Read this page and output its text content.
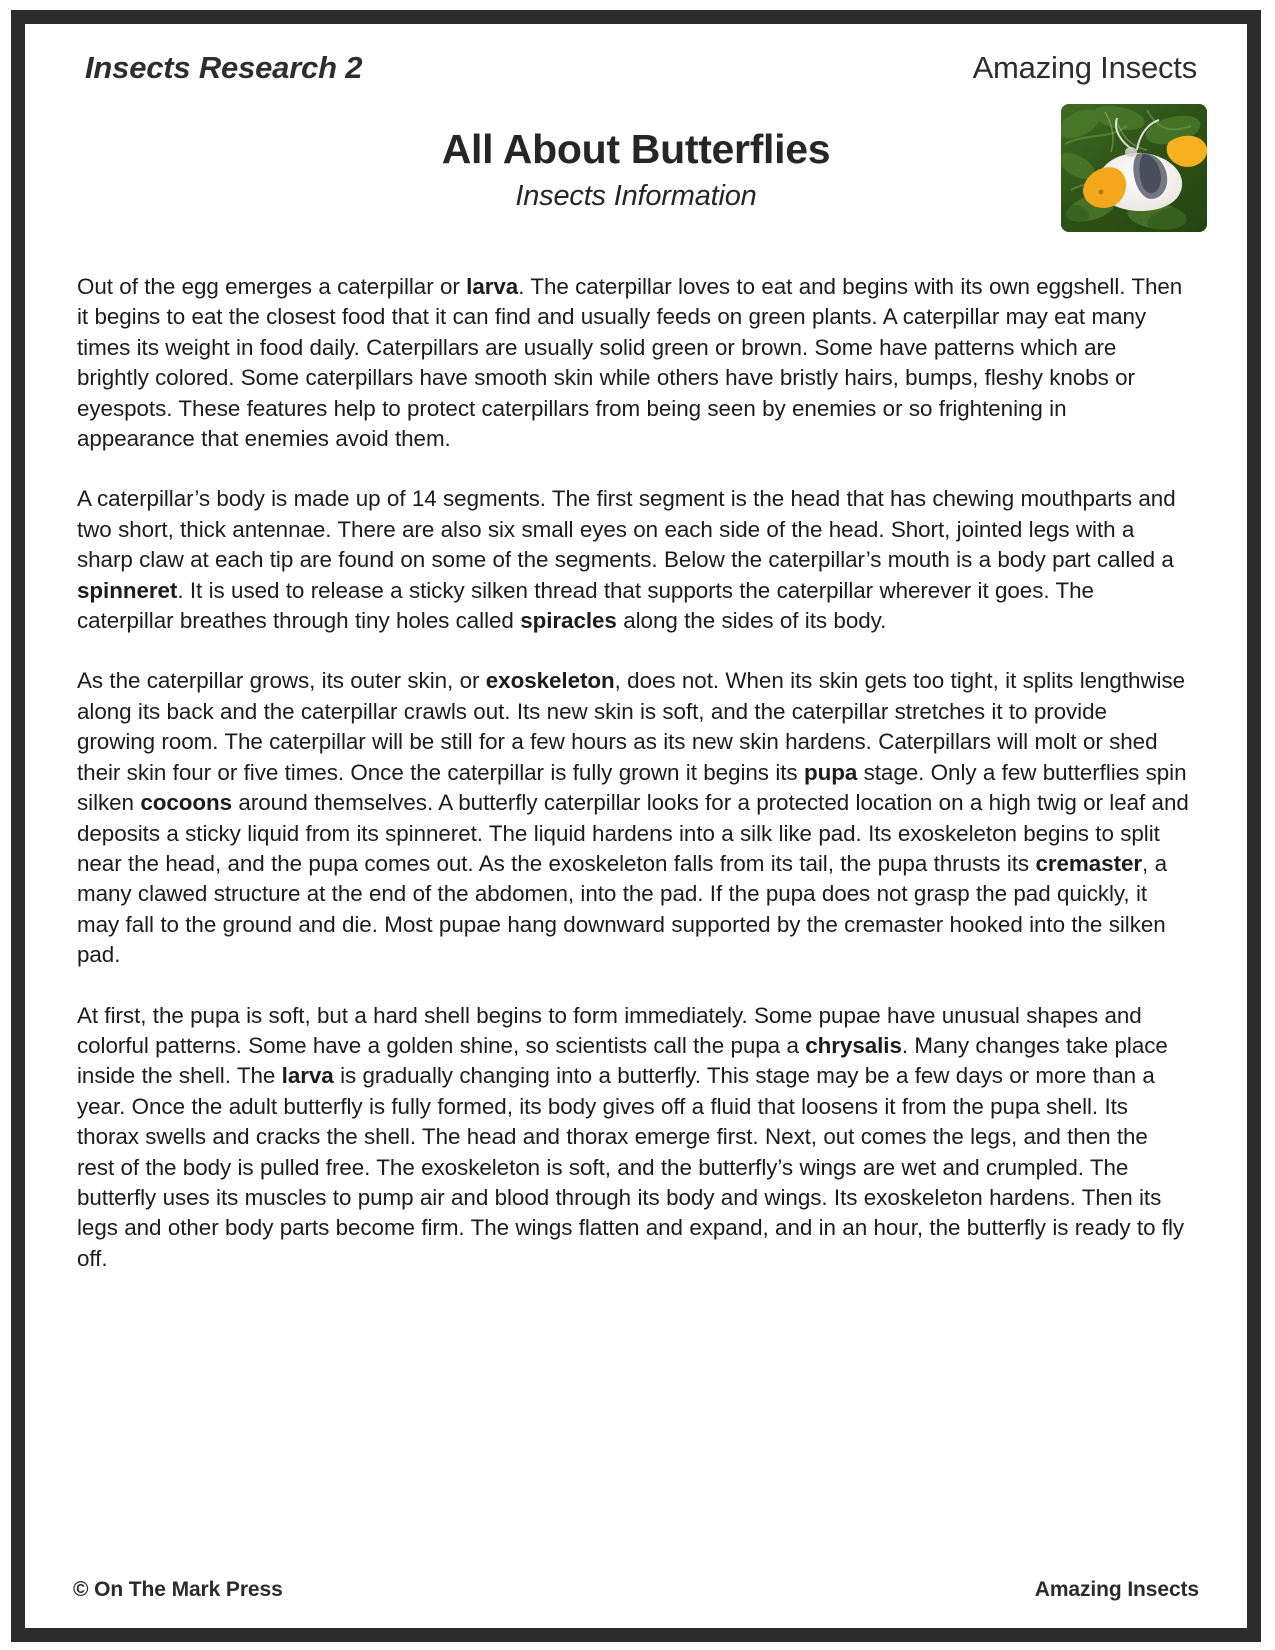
Insects Research 2	Amazing Insects
All About Butterflies
Insects Information

Out of the egg emerges a caterpillar or larva. The caterpillar loves to eat and begins with its own eggshell. Then it begins to eat the closest food that it can find and usually feeds on green plants. A caterpillar may eat many times its weight in food daily. Caterpillars are usually solid green or brown. Some have patterns which are brightly colored. Some caterpillars have smooth skin while others have bristly hairs, bumps, fleshy knobs or eyespots. These features help to protect caterpillars from being seen by enemies or so frightening in appearance that enemies avoid them.

A caterpillar’s body is made up of 14 segments. The first segment is the head that has chewing mouthparts and two short, thick antennae. There are also six small eyes on each side of the head. Short, jointed legs with a sharp claw at each tip are found on some of the segments. Below the caterpillar’s mouth is a body part called a spinneret. It is used to release a sticky silken thread that supports the caterpillar wherever it goes. The caterpillar breathes through tiny holes called spiracles along the sides of its body.

As the caterpillar grows, its outer skin, or exoskeleton, does not. When its skin gets too tight, it splits lengthwise along its back and the caterpillar crawls out. Its new skin is soft, and the caterpillar stretches it to provide growing room. The caterpillar will be still for a few hours as its new skin hardens. Caterpillars will molt or shed their skin four or five times. Once the caterpillar is fully grown it begins its pupa stage. Only a few butterflies spin silken cocoons around themselves. A butterfly caterpillar looks for a protected location on a high twig or leaf and deposits a sticky liquid from its spinneret. The liquid hardens into a silk like pad. Its exoskeleton begins to split near the head, and the pupa comes out. As the exoskeleton falls from its tail, the pupa thrusts its cremaster, a many clawed structure at the end of the abdomen, into the pad. If the pupa does not grasp the pad quickly, it may fall to the ground and die. Most pupae hang downward supported by the cremaster hooked into the silken pad.

At first, the pupa is soft, but a hard shell begins to form immediately. Some pupae have unusual shapes and colorful patterns. Some have a golden shine, so scientists call the pupa a chrysalis. Many changes take place inside the shell. The larva is gradually changing into a butterfly. This stage may be a few days or more than a year. Once the adult butterfly is fully formed, its body gives off a fluid that loosens it from the pupa shell. Its thorax swells and cracks the shell. The head and thorax emerge first. Next, out comes the legs, and then the rest of the body is pulled free. The exoskeleton is soft, and the butterfly’s wings are wet and crumpled. The butterfly uses its muscles to pump air and blood through its body and wings. Its exoskeleton hardens. Then its legs and other body parts become firm. The wings flatten and expand, and in an hour, the butterfly is ready to fly off.

© On The Mark Press	Amazing Insects
